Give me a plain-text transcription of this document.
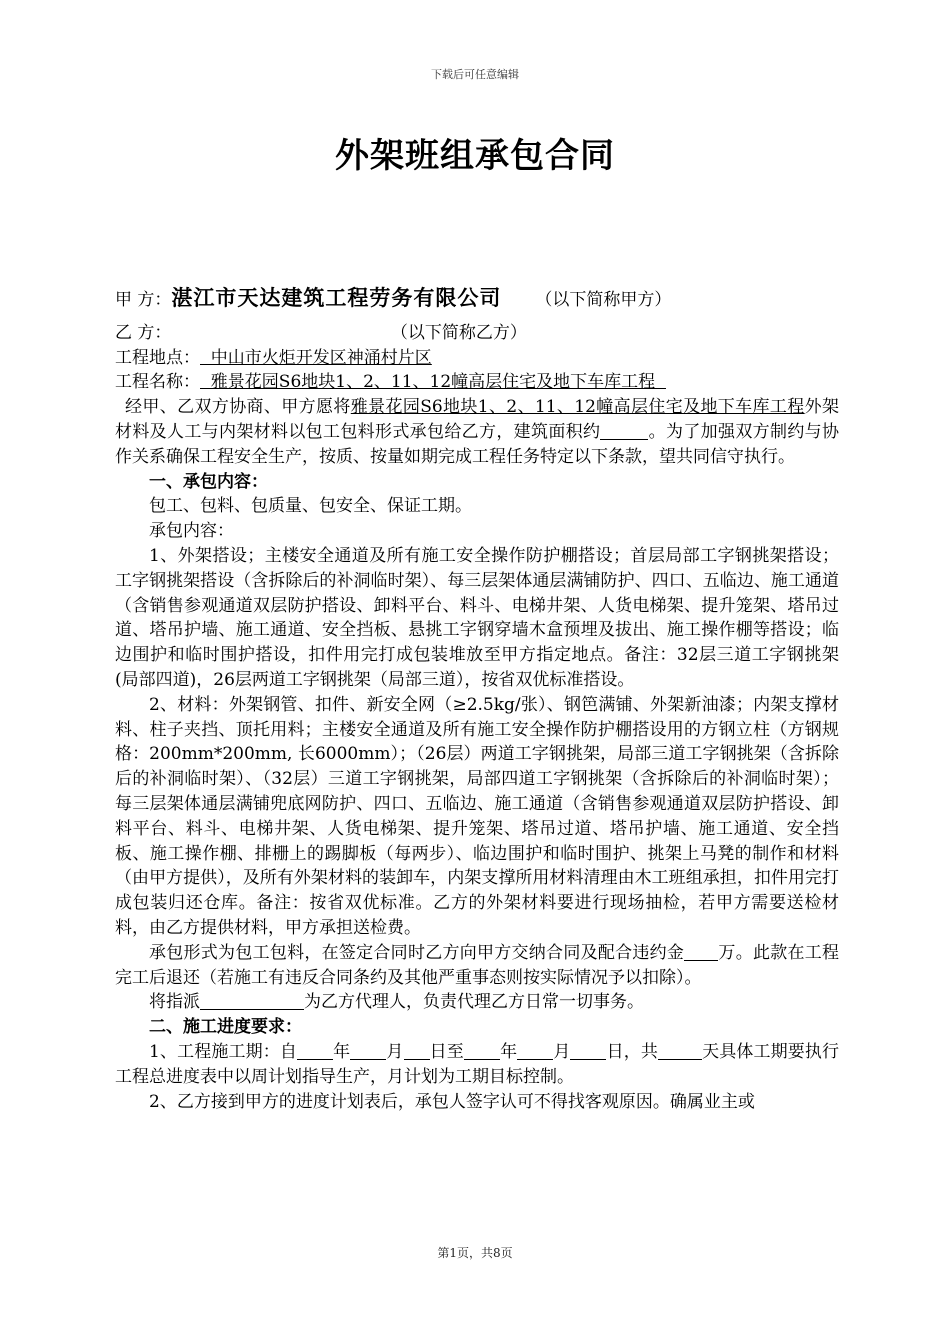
下载后可任意编辑
外架班组承包合同

甲 方：湛江市天达建筑工程劳务有限公司 （以下简称甲方）

乙 方：	（以下简称乙方）

工程地点：  中山市火炬开发区神涌村片区

工程名称：  雅景花园S6地块1、2、11、12幢高层住宅及地下车库工程

经甲、乙双方协商、甲方愿将雅景花园S6地块1、2、11、12幢高层住宅及地下车库工程外架材料及人工与内架材料以包工包料形式承包给乙方，建筑面积约	。为了加强双方制约与协作关系确保工程安全生产，按质、按量如期完成工程任务特定以下条款，望共同信守执行。

一、承包内容：

包工、包料、包质量、包安全、保证工期。

承包内容：

1、外架搭设；主楼安全通道及所有施工安全操作防护棚搭设；首层局部工字钢挑架搭设；工字钢挑架搭设（含拆除后的补洞临时架）、每三层架体通层满铺防护、四口、五临边、施工通道（含销售参观通道双层防护搭设、卸料平台、料斗、电梯井架、人货电梯架、提升笼架、塔吊过道、塔吊护墙、施工通道、安全挡板、悬挑工字钢穿墙木盒预埋及拔出、施工操作棚等搭设；临边围护和临时围护搭设，扣件用完打成包装堆放至甲方指定地点。备注：32层三道工字钢挑架(局部四道)，26层两道工字钢挑架（局部三道），按省双优标准搭设。

2、材料：外架钢管、扣件、新安全网（≥2.5kg/张）、钢笆满铺、外架新油漆；内架支撑材料、柱子夹挡、顶托用料；主楼安全通道及所有施工安全操作防护棚搭设用的方钢立柱（方钢规格：200mm*200mm, 长6000mm）；（26层）两道工字钢挑架，局部三道工字钢挑架（含拆除后的补洞临时架）、（32层）三道工字钢挑架，局部四道工字钢挑架（含拆除后的补洞临时架）；每三层架体通层满铺兜底网防护、四口、五临边、施工通道（含销售参观通道双层防护搭设、卸料平台、料斗、电梯井架、人货电梯架、提升笼架、塔吊过道、塔吊护墙、施工通道、安全挡板、施工操作棚、排栅上的踢脚板（每两步）、临边围护和临时围护、挑架上马凳的制作和材料（由甲方提供），及所有外架材料的装卸车，内架支撑所用材料清理由木工班组承担，扣件用完打成包装归还仓库。备注：按省双优标准。乙方的外架材料要进行现场抽检，若甲方需要送检材料，由乙方提供材料，甲方承担送检费。

承包形式为包工包料，在签定合同时乙方向甲方交纳合同及配合违约金 万。此款在工程完工后退还（若施工有违反合同条约及其他严重事态则按实际情况予以扣除）。

将指派	为乙方代理人，负责代理乙方日常一切事务。

二、施工进度要求：

1、工程施工期：自 年 月 日至 年 月 日，共	天具体工期要执行工程总进度表中以周计划指导生产，月计划为工期目标控制。

2、乙方接到甲方的进度计划表后，承包人签字认可不得找客观原因。确属业主或

第1页，共8页
